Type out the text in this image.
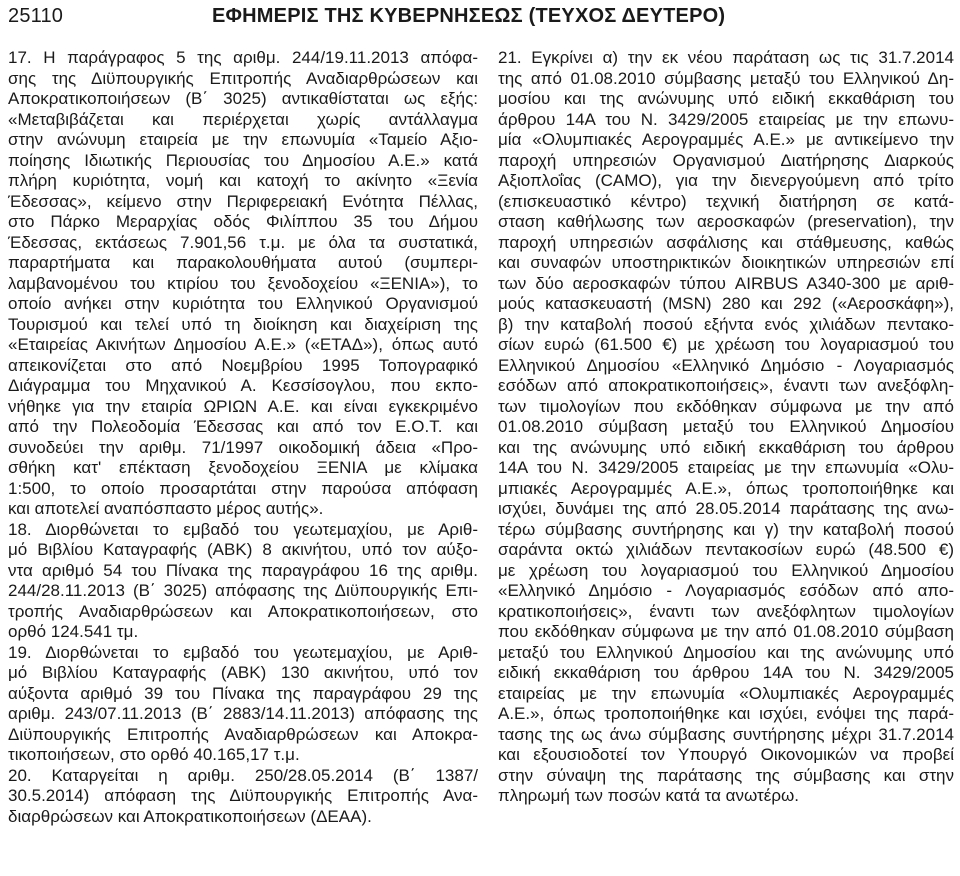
25110	ΕΦΗΜΕΡΙΣ ΤΗΣ ΚΥΒΕΡΝΗΣΕΩΣ (ΤΕΥΧΟΣ ΔΕΥΤΕΡΟ)
17. Η παράγραφος 5 της αριθμ. 244/19.11.2013 απόφα-
σης της Διϋπουργικής Επιτροπής Αναδιαρθρώσεων και
Αποκρατικοποιήσεων (Β΄ 3025) αντικαθίσταται ως εξής:
«Μεταβιβάζεται και περιέρχεται χωρίς αντάλλαγμα
στην ανώνυμη εταιρεία με την επωνυμία «Ταμείο Αξιο-
ποίησης Ιδιωτικής Περιουσίας του Δημοσίου Α.Ε.» κατά
πλήρη κυριότητα, νομή και κατοχή το ακίνητο «Ξενία
Έδεσσας», κείμενο στην Περιφερειακή Ενότητα Πέλλας,
στο Πάρκο Μεραρχίας οδός Φιλίππου 35 του Δήμου
Έδεσσας, εκτάσεως 7.901,56 τ.μ. με όλα τα συστατικά,
παραρτήματα και παρακολουθήματα αυτού (συμπερι-
λαμβανομένου του κτιρίου του ξενοδοχείου «ΞΕΝΙΑ»), το
οποίο ανήκει στην κυριότητα του Ελληνικού Οργανισμού
Τουρισμού και τελεί υπό τη διοίκηση και διαχείριση της
«Εταιρείας Ακινήτων Δημοσίου Α.Ε.» («ΕΤΑΔ»), όπως αυτό
απεικονίζεται στο από Νοεμβρίου 1995 Τοπογραφικό
Διάγραμμα του Μηχανικού Α. Κεσσίσογλου, που εκπο-
νήθηκε για την εταιρία ΩΡΙΩΝ Α.Ε. και είναι εγκεκριμένο
από την Πολεοδομία Έδεσσας και από τον Ε.Ο.Τ. και
συνοδεύει την αριθμ. 71/1997 οικοδομική άδεια «Προ-
σθήκη κατ' επέκταση ξενοδοχείου ΞΕΝΙΑ με κλίμακα
1:500, το οποίο προσαρτάται στην παρούσα απόφαση
και αποτελεί αναπόσπαστο μέρος αυτής».
18. Διορθώνεται το εμβαδό του γεωτεμαχίου, με Αριθ-
μό Βιβλίου Καταγραφής (ΑΒΚ) 8 ακινήτου, υπό τον αύξο-
ντα αριθμό 54 του Πίνακα της παραγράφου 16 της αριθμ.
244/28.11.2013 (Β΄ 3025) απόφασης της Διϋπουργικής Επι-
τροπής Αναδιαρθρώσεων και Αποκρατικοποιήσεων, στο
ορθό 124.541 τμ.
19. Διορθώνεται το εμβαδό του γεωτεμαχίου, με Αριθ-
μό Βιβλίου Καταγραφής (ΑΒΚ) 130 ακινήτου, υπό τον
αύξοντα αριθμό 39 του Πίνακα της παραγράφου 29 της
αριθμ. 243/07.11.2013 (Β΄ 2883/14.11.2013) απόφασης της
Διϋπουργικής Επιτροπής Αναδιαρθρώσεων και Αποκρα-
τικοποιήσεων, στο ορθό 40.165,17 τ.μ.
20. Καταργείται η αριθμ. 250/28.05.2014 (Β΄ 1387/
30.5.2014) απόφαση της Διϋπουργικής Επιτροπής Ανα-
διαρθρώσεων και Αποκρατικοποιήσεων (ΔΕΑΑ).
21. Εγκρίνει α) την εκ νέου παράταση ως τις 31.7.2014
της από 01.08.2010 σύμβασης μεταξύ του Ελληνικού Δη-
μοσίου και της ανώνυμης υπό ειδική εκκαθάριση του
άρθρου 14Α του Ν. 3429/2005 εταιρείας με την επωνυ-
μία «Ολυμπιακές Αερογραμμές Α.Ε.» με αντικείμενο την
παροχή υπηρεσιών Οργανισμού Διατήρησης Διαρκούς
Αξιοπλοΐας (CAMO), για την διενεργούμενη από τρίτο
(επισκευαστικό κέντρο) τεχνική διατήρηση σε κατά-
σταση καθήλωσης των αεροσκαφών (preservation), την
παροχή υπηρεσιών ασφάλισης και στάθμευσης, καθώς
και συναφών υποστηρικτικών διοικητικών υπηρεσιών επί
των δύο αεροσκαφών τύπου AIRBUS A340-300 με αριθ-
μούς κατασκευαστή (MSN) 280 και 292 («Αεροσκάφη»),
β) την καταβολή ποσού εξήντα ενός χιλιάδων πεντακο-
σίων ευρώ (61.500 €) με χρέωση του λογαριασμού του
Ελληνικού Δημοσίου «Ελληνικό Δημόσιο - Λογαριασμός
εσόδων από αποκρατικοποιήσεις», έναντι των ανεξόφλη-
των τιμολογίων που εκδόθηκαν σύμφωνα με την από
01.08.2010 σύμβαση μεταξύ του Ελληνικού Δημοσίου
και της ανώνυμης υπό ειδική εκκαθάριση του άρθρου
14Α του Ν. 3429/2005 εταιρείας με την επωνυμία «Ολυ-
μπιακές Αερογραμμές Α.Ε.», όπως τροποποιήθηκε και
ισχύει, δυνάμει της από 28.05.2014 παράτασης της ανω-
τέρω σύμβασης συντήρησης και γ) την καταβολή ποσού
σαράντα οκτώ χιλιάδων πεντακοσίων ευρώ (48.500 €)
με χρέωση του λογαριασμού του Ελληνικού Δημοσίου
«Ελληνικό Δημόσιο - Λογαριασμός εσόδων από απο-
κρατικοποιήσεις», έναντι των ανεξόφλητων τιμολογίων
που εκδόθηκαν σύμφωνα με την από 01.08.2010 σύμβαση
μεταξύ του Ελληνικού Δημοσίου και της ανώνυμης υπό
ειδική εκκαθάριση του άρθρου 14Α του Ν. 3429/2005
εταιρείας με την επωνυμία «Ολυμπιακές Αερογραμμές
Α.Ε.», όπως τροποποιήθηκε και ισχύει, ενόψει της παρά-
τασης της ως άνω σύμβασης συντήρησης μέχρι 31.7.2014
και εξουσιοδοτεί τον Υπουργό Οικονομικών να προβεί
στην σύναψη της παράτασης της σύμβασης και στην
πληρωμή των ποσών κατά τα ανωτέρω.
